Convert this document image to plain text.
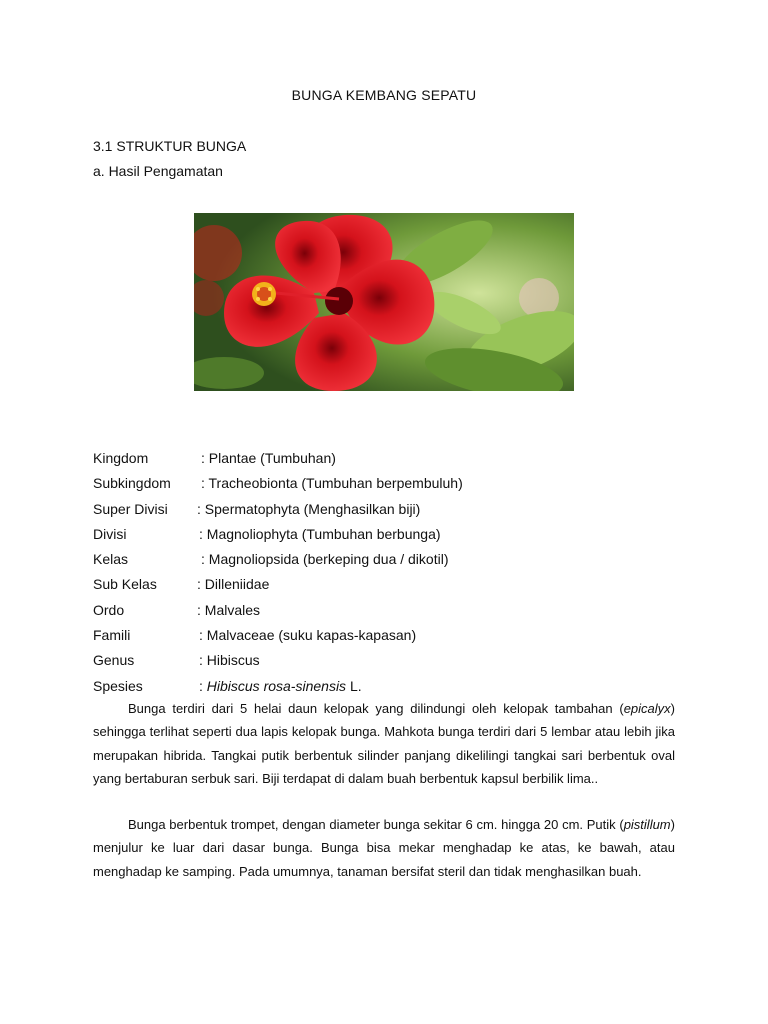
BUNGA KEMBANG SEPATU
3.1 STRUKTUR BUNGA
a. Hasil Pengamatan
Kingdom	: Plantae (Tumbuhan)
Subkingdom : Tracheobionta (Tumbuhan berpembuluh)
Super Divisi : Spermatophyta (Menghasilkan biji)
Divisi	: Magnoliophyta (Tumbuhan berbunga)
Kelas	: Magnoliopsida (berkeping dua / dikotil)
Sub Kelas	: Dilleniidae
Ordo	: Malvales
Famili	: Malvaceae (suku kapas-kapasan)
Genus	: Hibiscus
Spesies	: Hibiscus rosa-sinensis L.

Bunga terdiri dari 5 helai daun kelopak yang dilindungi oleh kelopak tambahan (epicalyx) sehingga terlihat seperti dua lapis kelopak bunga. Mahkota bunga terdiri dari 5 lembar atau lebih jika merupakan hibrida. Tangkai putik berbentuk silinder panjang dikelilingi tangkai sari berbentuk oval yang bertaburan serbuk sari. Biji terdapat di dalam buah berbentuk kapsul berbilik lima..

Bunga berbentuk trompet, dengan diameter bunga sekitar 6 cm. hingga 20 cm. Putik (pistillum) menjulur ke luar dari dasar bunga. Bunga bisa mekar menghadap ke atas, ke bawah, atau menghadap ke samping. Pada umumnya, tanaman bersifat steril dan tidak menghasilkan buah.
